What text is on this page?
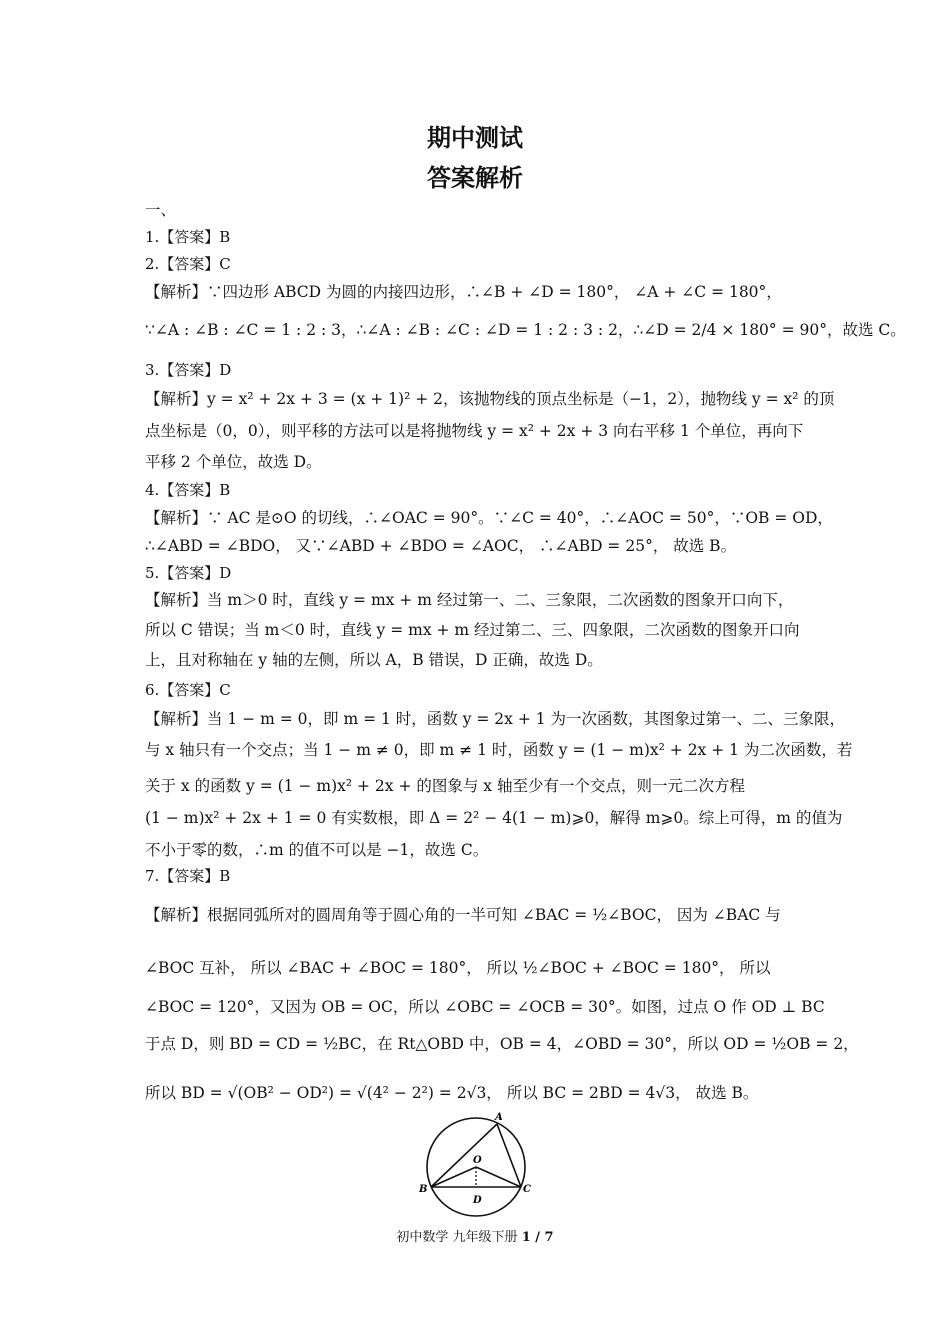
期中测试
答案解析
一、
1.【答案】B
2.【答案】C
【解析】∵四边形 ABCD 为圆的内接四边形，∴∠B + ∠D = 180°， ∠A + ∠C = 180°，
∵∠A : ∠B : ∠C = 1 : 2 : 3，∴∠A : ∠B : ∠C : ∠D = 1 : 2 : 3 : 2，∴∠D = 2/4 × 180° = 90°，故选 C。
3.【答案】D
【解析】y = x² + 2x + 3 = (x + 1)² + 2，该抛物线的顶点坐标是（−1，2），抛物线 y = x² 的顶
点坐标是（0，0），则平移的方法可以是将抛物线 y = x² + 2x + 3 向右平移 1 个单位，再向下
平移 2 个单位，故选 D。
4.【答案】B
【解析】∵ AC 是⊙O 的切线，∴∠OAC = 90°。∵∠C = 40°，∴∠AOC = 50°，∵OB = OD，
∴∠ABD = ∠BDO， 又∵∠ABD + ∠BDO = ∠AOC， ∴∠ABD = 25°， 故选 B。
5.【答案】D
【解析】当 m＞0 时，直线 y = mx + m 经过第一、二、三象限，二次函数的图象开口向下，
所以 C 错误；当 m＜0 时，直线 y = mx + m 经过第二、三、四象限，二次函数的图象开口向
上，且对称轴在 y 轴的左侧，所以 A，B 错误，D 正确，故选 D。
6.【答案】C
【解析】当 1 − m = 0，即 m = 1 时，函数 y = 2x + 1 为一次函数，其图象过第一、二、三象限，
与 x 轴只有一个交点；当 1 − m ≠ 0，即 m ≠ 1 时，函数 y = (1 − m)x² + 2x + 1 为二次函数，若
关于 x 的函数 y = (1 − m)x² + 2x + 的图象与 x 轴至少有一个交点，则一元二次方程
(1 − m)x² + 2x + 1 = 0 有实数根，即 Δ = 2² − 4(1 − m)⩾0，解得 m⩾0。综上可得，m 的值为
不小于零的数，∴m 的值不可以是 −1，故选 C。
7.【答案】B
【解析】根据同弧所对的圆周角等于圆心角的一半可知 ∠BAC = ½∠BOC， 因为 ∠BAC 与
∠BOC 互补， 所以 ∠BAC + ∠BOC = 180°， 所以 ½∠BOC + ∠BOC = 180°， 所以
∠BOC = 120°，又因为 OB = OC，所以 ∠OBC = ∠OCB = 30°。如图，过点 O 作 OD ⊥ BC
于点 D，则 BD = CD = ½BC，在 Rt△OBD 中，OB = 4，∠OBD = 30°，所以 OD = ½OB = 2，
所以 BD = √(OB² − OD²) = √(4² − 2²) = 2√3， 所以 BC = 2BD = 4√3， 故选 B。
A
O
B
D
C
初中数学 九年级下册 1 / 7
